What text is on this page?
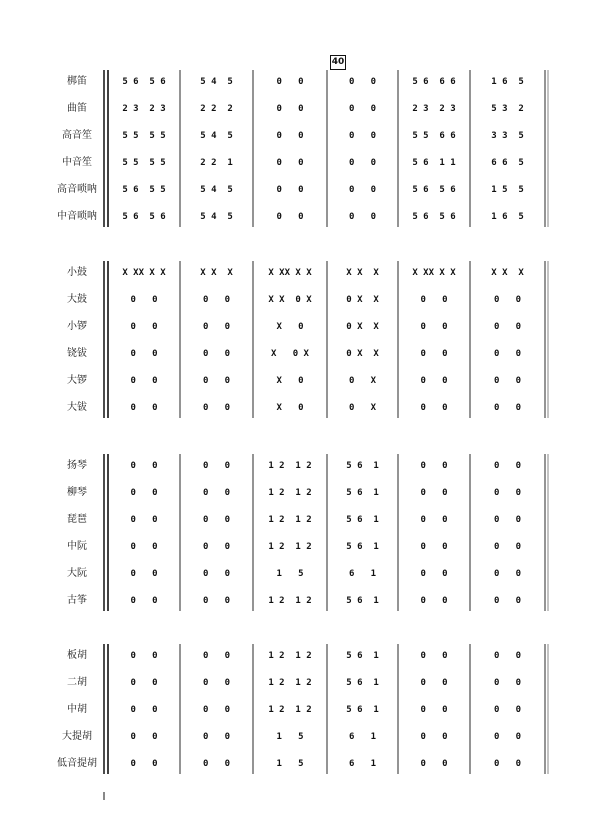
40
梆笛	5 6  5 6	5 4  5	0   0	0   0	5 6  6 6	1 6  5
曲笛	2 3  2 3	2 2  2	0   0	0   0	2 3  2 3	5 3  2
高音笙	5 5  5 5	5 4  5	0   0	0   0	5 5  6 6	3 3  5
中音笙	5 5  5 5	2 2  1	0   0	0   0	5 6  1 1	6 6  5
高音唢呐	5 6  5 5	5 4  5	0   0	0   0	5 6  5 6	1 5  5
中音唢呐	5 6  5 6	5 4  5	0   0	0   0	5 6  5 6	1 6  5
小鼓	X XX X X	X X  X	X XX X X	X X  X	X XX X X	X X  X
大鼓	0   0	0   0	X X  0 X	0 X  X	0   0	0   0
小锣	0   0	0   0	X   0	0 X  X	0   0	0   0
铙钹	0   0	0   0	X   0 X	0 X  X	0   0	0   0
大锣	0   0	0   0	X   0	0   X	0   0	0   0
大钹	0   0	0   0	X   0	0   X	0   0	0   0
扬琴	0   0	0   0	1 2  1 2	5 6  1	0   0	0   0
柳琴	0   0	0   0	1 2  1 2	5 6  1	0   0	0   0
琵琶	0   0	0   0	1 2  1 2	5 6  1	0   0	0   0
中阮	0   0	0   0	1 2  1 2	5 6  1	0   0	0   0
大阮	0   0	0   0	1   5	6   1	0   0	0   0
古筝	0   0	0   0	1 2  1 2	5 6  1	0   0	0   0
板胡	0   0	0   0	1 2  1 2	5 6  1	0   0	0   0
二胡	0   0	0   0	1 2  1 2	5 6  1	0   0	0   0
中胡	0   0	0   0	1 2  1 2	5 6  1	0   0	0   0
大提胡	0   0	0   0	1   5	6   1	0   0	0   0
低音提胡	0   0	0   0	1   5	6   1	0   0	0   0
